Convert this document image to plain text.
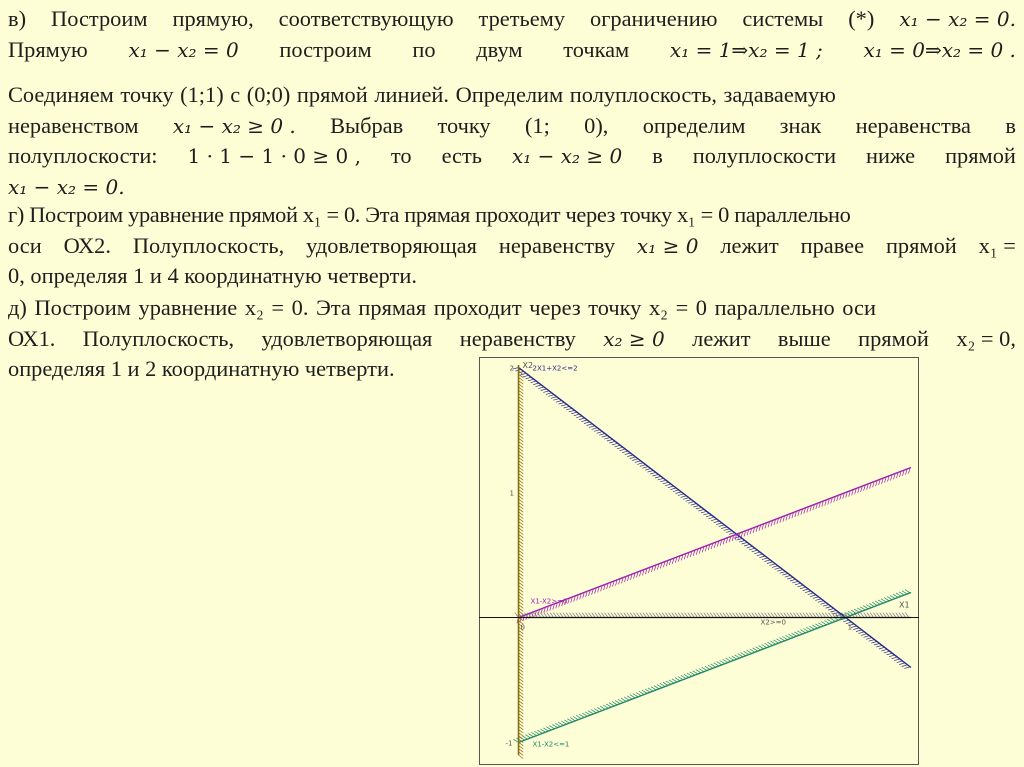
в) Построим прямую, соответствующую третьему ограничению системы (*) x₁ − x₂ = 0.
Прямую x₁ − x₂ = 0 построим по двум точкам x₁ = 1⇒x₂ = 1 ; x₁ = 0⇒x₂ = 0 .
Соединяем точку (1;1) с (0;0) прямой линией. Определим полуплоскость, задаваемую
неравенством x₁ − x₂ ≥ 0 . Выбрав точку (1; 0), определим знак неравенства в
полуплоскости: 1 · 1 − 1 · 0 ≥ 0 , то есть x₁ − x₂ ≥ 0 в полуплоскости ниже прямой
x₁ − x₂ = 0.
г) Построим уравнение прямой x₁ = 0. Эта прямая проходит через точку x₁ = 0 параллельно
оси ОХ2. Полуплоскость, удовлетворяющая неравенству x₁ ≥ 0 лежит правее прямой x₁ =
0, определяя 1 и 4 координатную четверти.
д) Построим уравнение x₂ = 0. Эта прямая проходит через точку x₂ = 0 параллельно оси
ОХ1. Полуплоскость, удовлетворяющая неравенству x₂ ≥ 0 лежит выше прямой x₂ = 0,
определяя 1 и 2 координатную четверти.
X1
X2
0	1
1
2
-1
2X1+X2<=2
X1-X2>=0
X1-X2<=1
X2>=0
